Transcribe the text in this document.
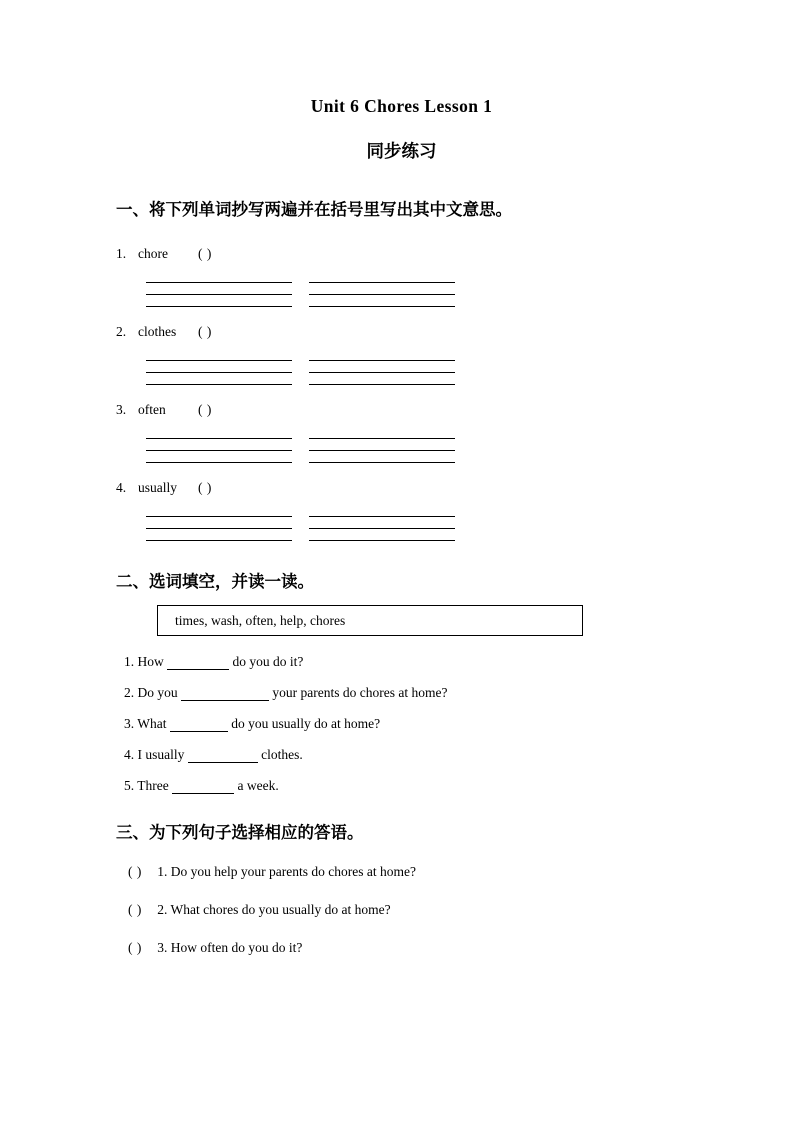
Unit 6 Chores Lesson 1
同步练习
一、将下列单词抄写两遍并在括号里写出其中文意思。
1. chore	( )
2. clothes	( )
3. often	( )
4. usually	( )
二、选词填空，并读一读。
times, wash, often, help, chores
1. How	do you do it?
2. Do you	your parents do chores at home?
3. What	do you usually do at home?
4. I usually	clothes.
5. Three	a week.
三、为下列句子选择相应的答语。
( ) 1. Do you help your parents do chores at home?
( ) 2. What chores do you usually do at home?
( ) 3. How often do you do it?
